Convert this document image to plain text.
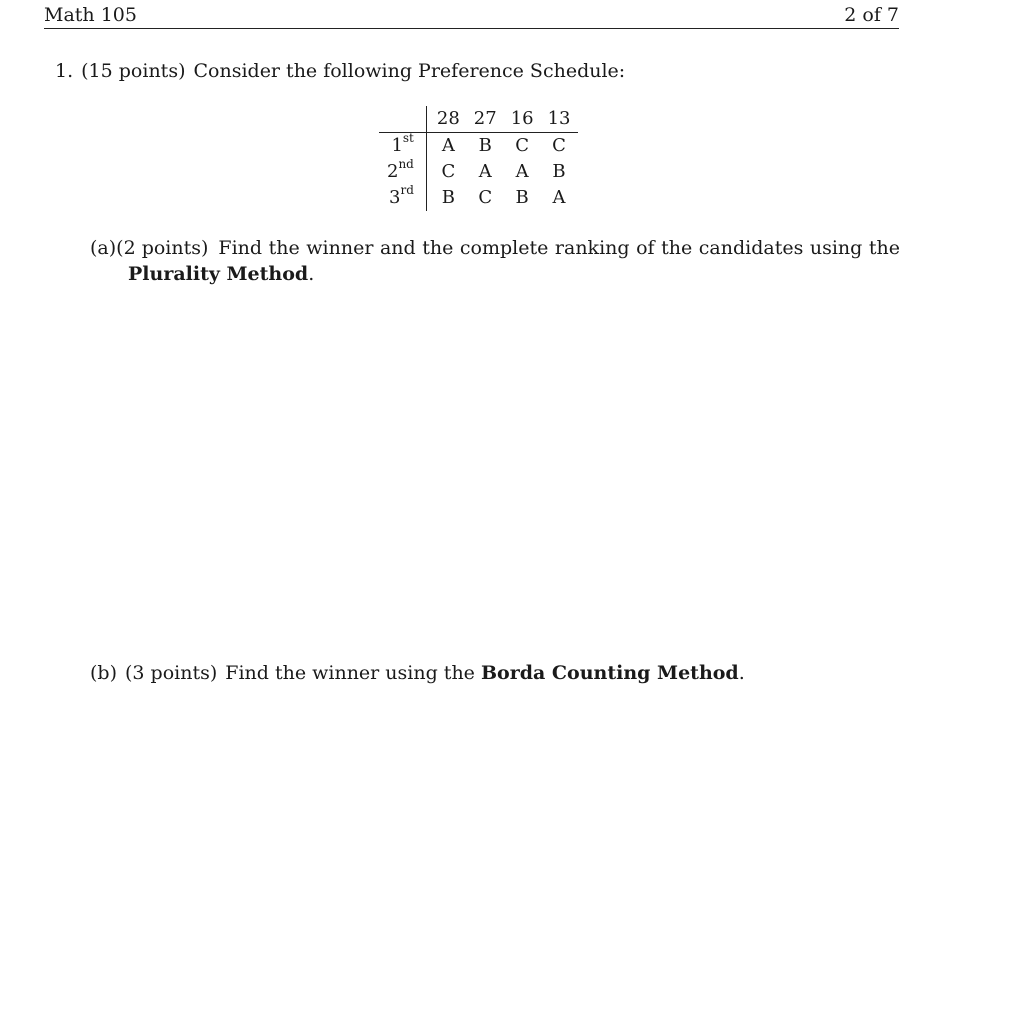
Math 105	2 of 7
1. (15 points) Consider the following Preference Schedule:
	28	27	16	13
1st	A	B	C	C
2nd	C	A	A	B
3rd	B	C	B	A
(a) (2 points) Find the winner and the complete ranking of the candidates using the
Plurality Method.
(b) (3 points) Find the winner using the Borda Counting Method.
